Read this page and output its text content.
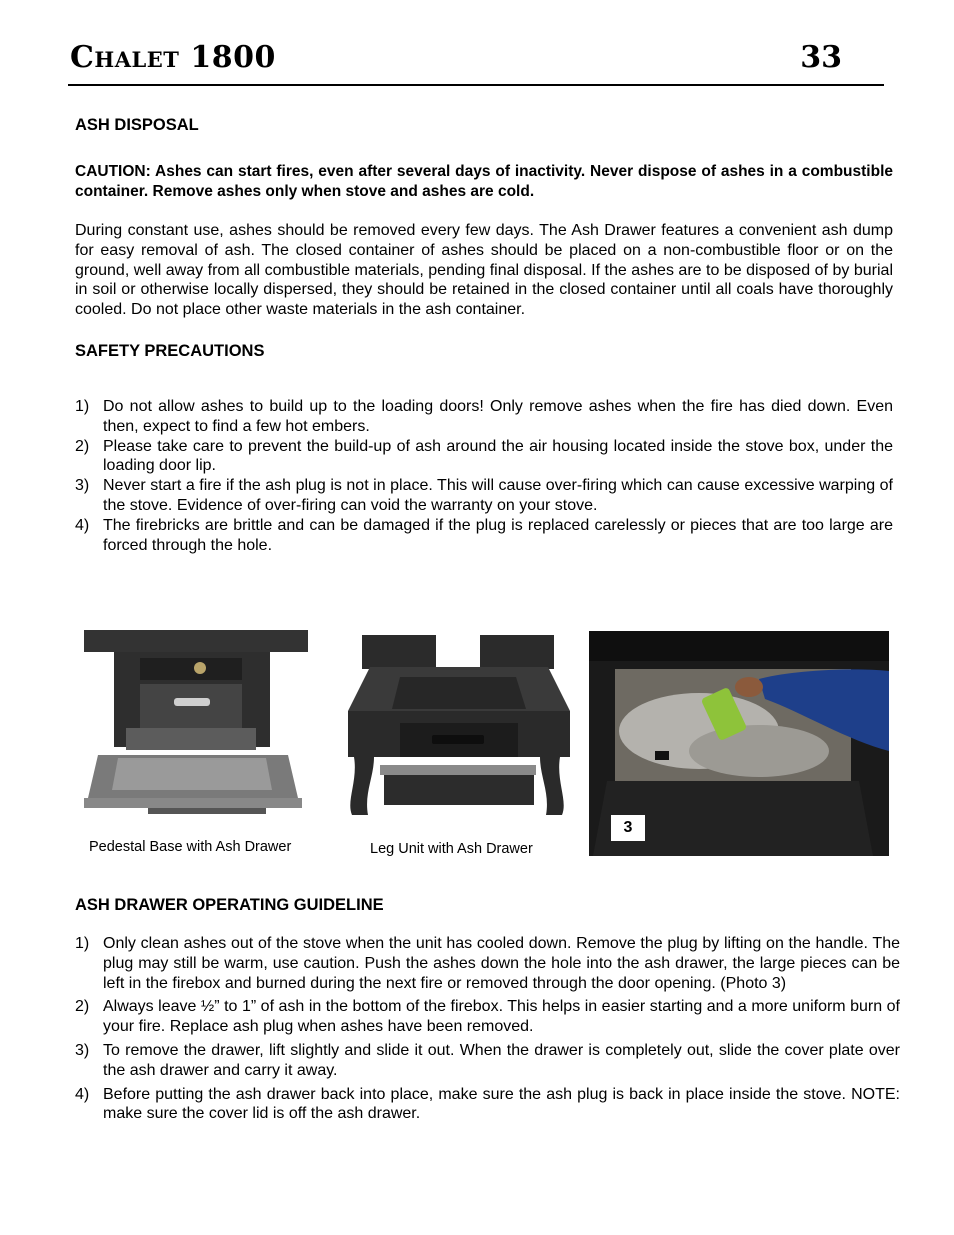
Chalet 1800	33
ASH DISPOSAL
CAUTION: Ashes can start fires, even after several days of inactivity. Never dispose of ashes in a combustible container. Remove ashes only when stove and ashes are cold.
During constant use, ashes should be removed every few days. The Ash Drawer features a convenient ash dump for easy removal of ash. The closed container of ashes should be placed on a non-combustible floor or on the ground, well away from all combustible materials, pending final disposal. If the ashes are to be disposed of by burial in soil or otherwise locally dispersed, they should be retained in the closed container until all coals have thoroughly cooled. Do not place other waste materials in the ash container.
SAFETY PRECAUTIONS
1) Do not allow ashes to build up to the loading doors! Only remove ashes when the fire has died down. Even then, expect to find a few hot embers.
2) Please take care to prevent the build-up of ash around the air housing located inside the stove box, under the loading door lip.
3) Never start a fire if the ash plug is not in place. This will cause over-firing which can cause excessive warping of the stove. Evidence of over-firing can void the warranty on your stove.
4) The firebricks are brittle and can be damaged if the plug is replaced carelessly or pieces that are too large are forced through the hole.
Pedestal Base with Ash Drawer	Leg Unit with Ash Drawer
3
ASH DRAWER OPERATING GUIDELINE
1) Only clean ashes out of the stove when the unit has cooled down. Remove the plug by lifting on the handle. The plug may still be warm, use caution. Push the ashes down the hole into the ash drawer, the large pieces can be left in the firebox and burned during the next fire or removed through the door opening. (Photo 3)
2) Always leave ½” to 1” of ash in the bottom of the firebox. This helps in easier starting and a more uniform burn of your fire. Replace ash plug when ashes have been removed.
3) To remove the drawer, lift slightly and slide it out. When the drawer is completely out, slide the cover plate over the ash drawer and carry it away.
4) Before putting the ash drawer back into place, make sure the ash plug is back in place inside the stove. NOTE: make sure the cover lid is off the ash drawer.
